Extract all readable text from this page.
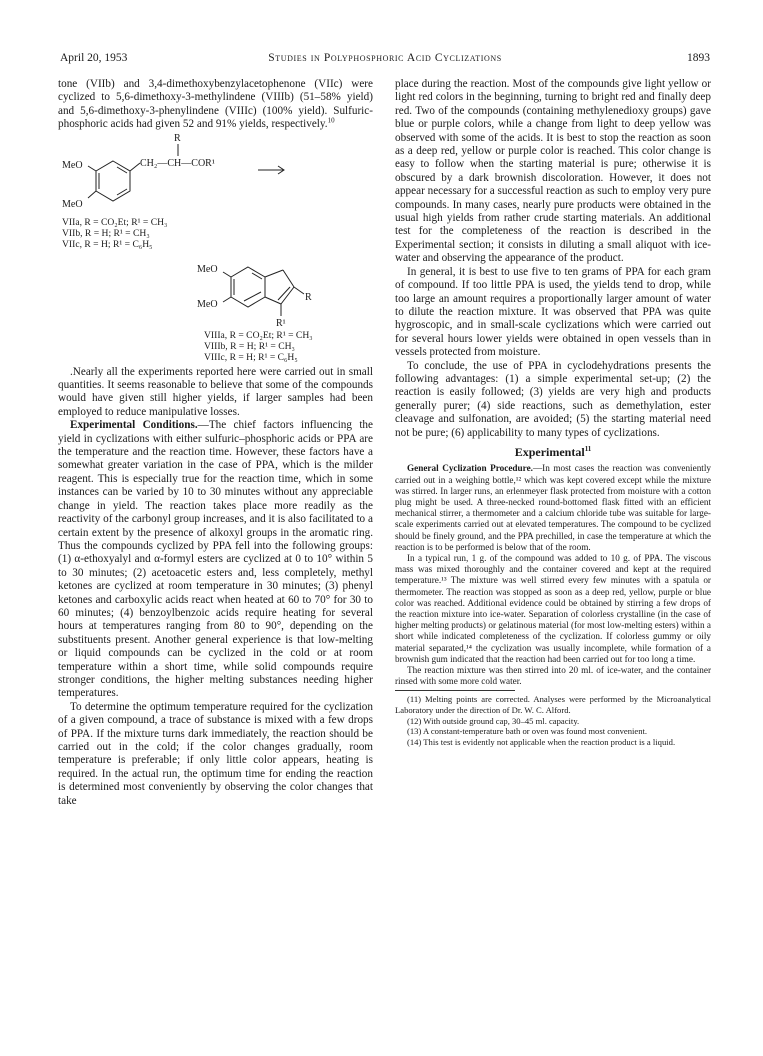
April 20, 1953	Studies in Polyphosphoric Acid Cyclizations	1893

tone (VIIb) and 3,4-dimethoxybenzylacetophenone (VIIc) were cyclized to 5,6-dimethoxy-3-methylindene (VIIIb) (51–58% yield) and 5,6-dimethoxy-3-phenylindene (VIIIc) (100% yield). Sulfuric-phosphoric acids had given 52 and 91% yields, respectively.$^{10}$

R
MeO	CH₂—CH—COR¹
MeO
VIIa, R = CO₂Et; R¹ = CH₃
VIIb, R = H; R¹ = CH₃
VIIc, R = H; R¹ = C₆H₅
MeO
MeO
R
R¹
VIIIa, R = CO₂Et; R¹ = CH₃
VIIIb, R = H; R¹ = CH₃
VIIIc, R = H; R¹ = C₆H₅

.Nearly all the experiments reported here were carried out in small quantities. It seems reasonable to believe that some of the compounds would have given still higher yields, if larger samples had been employed to reduce manipulative losses.

Experimental Conditions.—The chief factors influencing the yield in cyclizations with either sulfuric–phosphoric acids or PPA are the temperature and the reaction time. However, these factors have a somewhat greater variation in the case of PPA, which is the milder reagent. This is especially true for the reaction time, which in some instances can be varied by 10 to 30 minutes without any appreciable change in yield. The reaction takes place more readily as the reactivity of the carbonyl group increases, and it is also facilitated to a certain extent by the presence of alkoxyl groups in the aromatic ring. Thus the compounds cyclized by PPA fell into the following groups: (1) α-ethoxyalyl and α-formyl esters are cyclized at 0 to 10° within 5 to 30 minutes; (2) acetoacetic esters and, less completely, methyl ketones are cyclized at room temperature in 30 minutes; (3) phenyl ketones and carboxylic acids react when heated at 60 to 70° for 30 to 60 minutes; (4) benzoylbenzoic acids require heating for several hours at temperatures ranging from 80 to 90°, depending on the substituents present. Another general experience is that low-melting or liquid compounds can be cyclized in the cold or at room temperature within a short time, while solid compounds require stronger conditions, the higher melting substances needing higher temperatures.

To determine the optimum temperature required for the cyclization of a given compound, a trace of substance is mixed with a few drops of PPA. If the mixture turns dark immediately, the reaction should be carried out in the cold; if the color changes gradually, room temperature is preferable; if only little color appears, heating is required. In the actual run, the optimum time for ending the reaction is determined most conveniently by observing the color changes that take

place during the reaction. Most of the compounds give light yellow or light red colors in the beginning, turning to bright red and finally deep red. Two of the compounds (containing methylenedioxy groups) gave blue or purple colors, while a change from light to deep yellow was observed with some of the acids. It is best to stop the reaction as soon as a deep red, yellow or purple color is reached. This color change is easy to follow when the starting material is pure; otherwise it is obscured by a dark brownish discoloration. However, it does not appear necessary for a successful reaction as such to employ very pure compounds. In many cases, nearly pure products were obtained in the usual high yields from rather crude starting materials. An additional test for the completeness of the reaction is described in the Experimental section; it consists in diluting a small aliquot with ice-water and observing the appearance of the product.

In general, it is best to use five to ten grams of PPA for each gram of compound. If too little PPA is used, the yields tend to drop, while too large an amount requires a proportionally larger amount of water to dilute the reaction mixture. It was observed that PPA was quite hygroscopic, and in small-scale cyclizations which were carried out for several hours lower yields were obtained in open vessels than in vessels protected from moisture.

To conclude, the use of PPA in cyclodehydrations presents the following advantages: (1) a simple experimental set-up; (2) the reaction is easily followed; (3) yields are very high and products generally purer; (4) side reactions, such as demethylation, ester cleavage and sulfonation, are avoided; (5) the starting material need not be pure; (6) applicability to many types of cyclizations.

Experimental$^{11}$

General Cyclization Procedure.—In most cases the reaction was conveniently carried out in a weighing bottle,¹² which was kept covered except while the mixture was stirred. In larger runs, an erlenmeyer flask protected from moisture with a cotton plug might be used. A three-necked round-bottomed flask fitted with an efficient mechanical stirrer, a thermometer and a calcium chloride tube was suitable for large-scale experiments carried out at elevated temperatures. The compound to be cyclized should be finely ground, and the PPA prechilled, in case the temperature at which the reaction is to be performed is below that of the room.

In a typical run, 1 g. of the compound was added to 10 g. of PPA. The viscous mass was mixed thoroughly and the container covered and kept at the required temperature.¹³ The mixture was well stirred every few minutes with a spatula or thermometer. The reaction was stopped as soon as a deep red, yellow, purple or blue color was reached. Additional evidence could be obtained by stirring a few drops of the reaction mixture into ice-water. Separation of colorless crystalline (in the case of higher melting products) or gelatinous material (for most low-melting esters) within a short while indicated completeness of the cyclization. If colorless gummy or oily material separated,¹⁴ the cyclization was usually incomplete, while formation of a brownish gum indicated that the reaction had been carried out for too long a time.

The reaction mixture was then stirred into 20 ml. of ice-water, and the container rinsed with some more cold water.

(11) Melting points are corrected. Analyses were performed by the Microanalytical Laboratory under the direction of Dr. W. C. Alford.

(12) With outside ground cap, 30–45 ml. capacity.

(13) A constant-temperature bath or oven was found most convenient.

(14) This test is evidently not applicable when the reaction product is a liquid.
